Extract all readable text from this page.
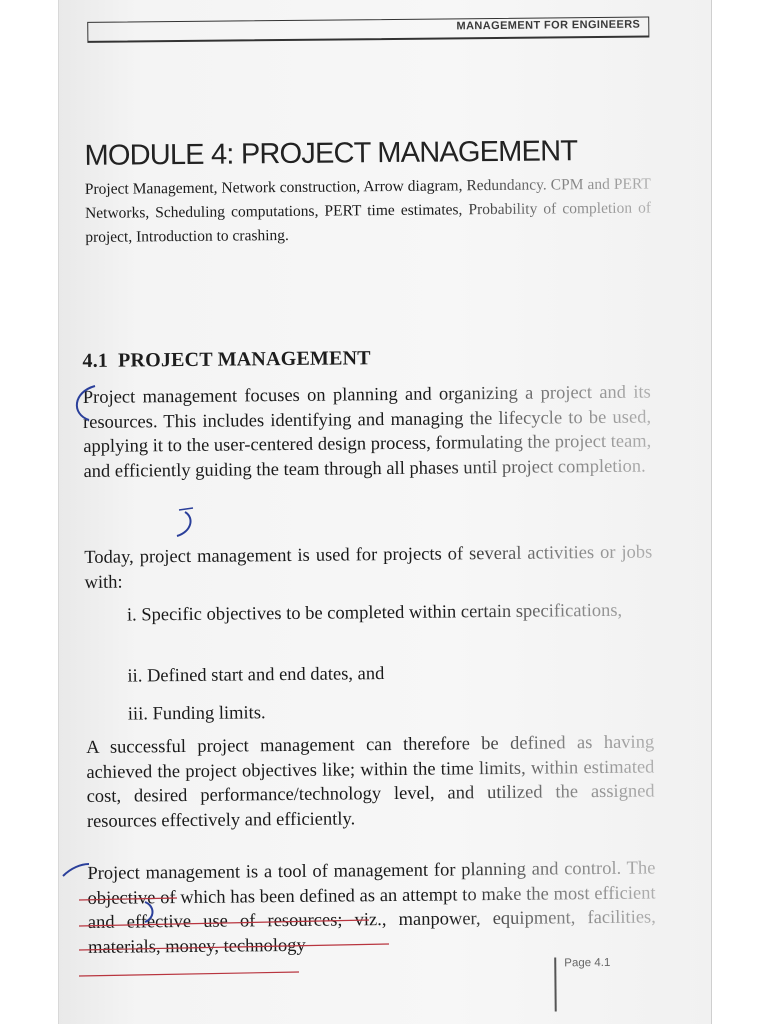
MANAGEMENT FOR ENGINEERS
MODULE 4: PROJECT MANAGEMENT
Project Management, Network construction, Arrow diagram, Redundancy. CPM and PERT Networks, Scheduling computations, PERT time estimates, Probability of completion of project, Introduction to crashing.
4.1 PROJECT MANAGEMENT

Project management focuses on planning and organizing a project and its resources. This includes identifying and managing the lifecycle to be used, applying it to the user-centered design process, formulating the project team, and efficiently guiding the team through all phases until project completion.

Today, project management is used for projects of several activities or jobs with:

i. Specific objectives to be completed within certain specifications,
ii. Defined start and end dates, and
iii. Funding limits.

A successful project management can therefore be defined as having achieved the project objectives like; within the time limits, within estimated cost, desired performance/technology level, and utilized the assigned resources effectively and efficiently.

Project management is a tool of management for planning and control. The objective of which has been defined as an attempt to make the most efficient and effective use of resources; viz., manpower, equipment, facilities, materials, money, technology

Page 4.1
